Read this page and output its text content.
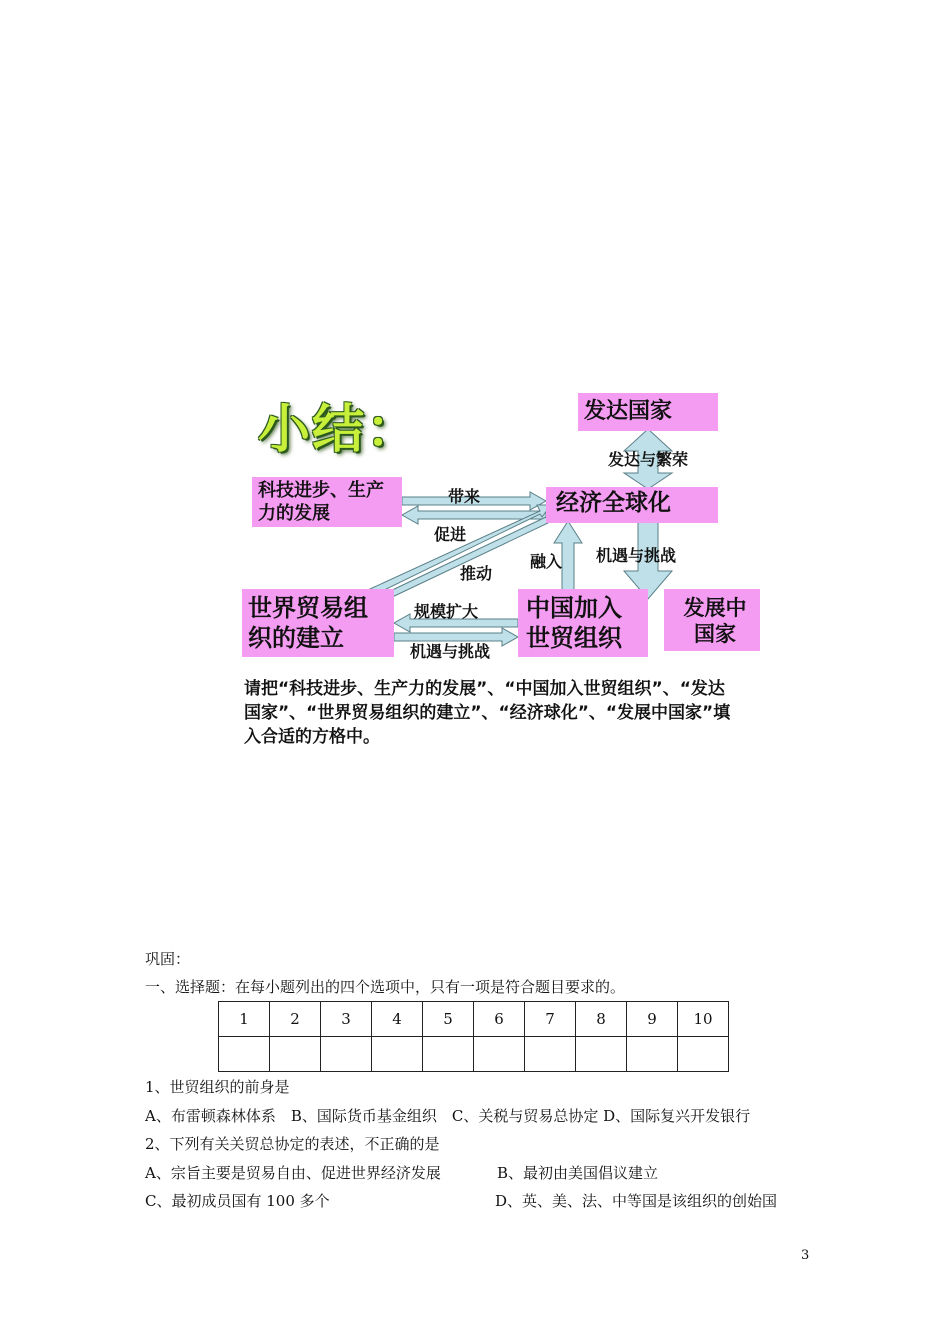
小结：	发达国家
科技进步、生产力的发展	经济全球化
世界贸易组织的建立
中国加入世贸组织
发展中国家
带来
促进
推动
发达与繁荣
融入 机遇与挑战
规模扩大
机遇与挑战
请把“科技进步、生产力的发展”、“中国加入世贸组织”、“发达国家”、“世界贸易组织的建立”、“经济球化”、“发展中国家”填入合适的方格中。
巩固：
一、选择题：在每小题列出的四个选项中，只有一项是符合题目要求的。
1	2	3	4	5	6	7	8	9	10

1、世贸组织的前身是
A、布雷顿森林体系　B、国际货币基金组织　C、关税与贸易总协定 D、国际复兴开发银行
2、下列有关关贸总协定的表述，不正确的是
A、宗旨主要是贸易自由、促进世界经济发展	B、最初由美国倡议建立
C、最初成员国有 100 多个	D、英、美、法、中等国是该组织的创始国
3
